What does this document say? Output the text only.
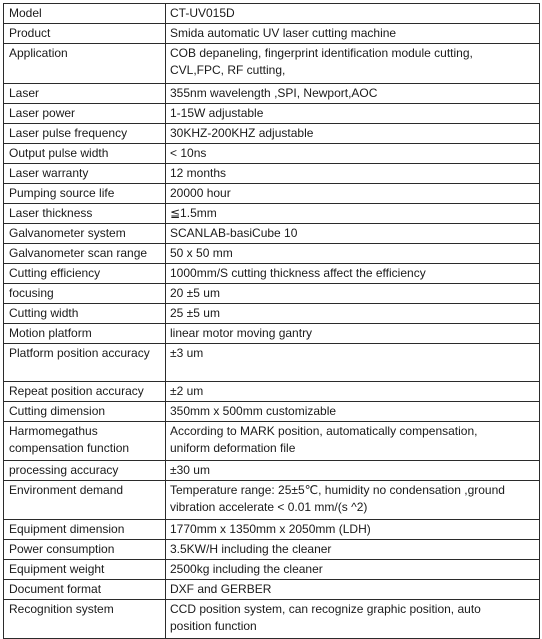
Model	CT-UV015D

Product	Smida automatic UV laser cutting machine

Application	COB depaneling, fingerprint identification module cutting,
CVL,FPC, RF cutting,

Laser	355nm wavelength ,SPI, Newport,AOC

Laser power	1-15W adjustable

Laser pulse frequency	30KHZ-200KHZ adjustable

Output pulse width	< 10ns

Laser warranty	12 months

Pumping source life	20000 hour

Laser thickness	≦1.5mm

Galvanometer system	SCANLAB-basiCube 10

Galvanometer scan range	50 x 50 mm

Cutting efficiency	1000mm/S cutting thickness affect the efficiency

focusing	20 ±5 um

Cutting width	25 ±5 um

Motion platform	linear motor moving gantry

Platform position accuracy	±3 um

Repeat position accuracy	±2 um

Cutting dimension	350mm x 500mm customizable

Harmomegathus compensation function	According to MARK position, automatically compensation,
uniform deformation file

processing accuracy	±30 um

Environment demand	Temperature range: 25±5℃, humidity no condensation ,ground
vibration accelerate < 0.01 mm/(s ^2)

Equipment dimension	1770mm x 1350mm x 2050mm (LDH)

Power consumption	3.5KW/H including the cleaner

Equipment weight	2500kg including the cleaner

Document format	DXF and GERBER

Recognition system	CCD position system, can recognize graphic position, auto
position function
